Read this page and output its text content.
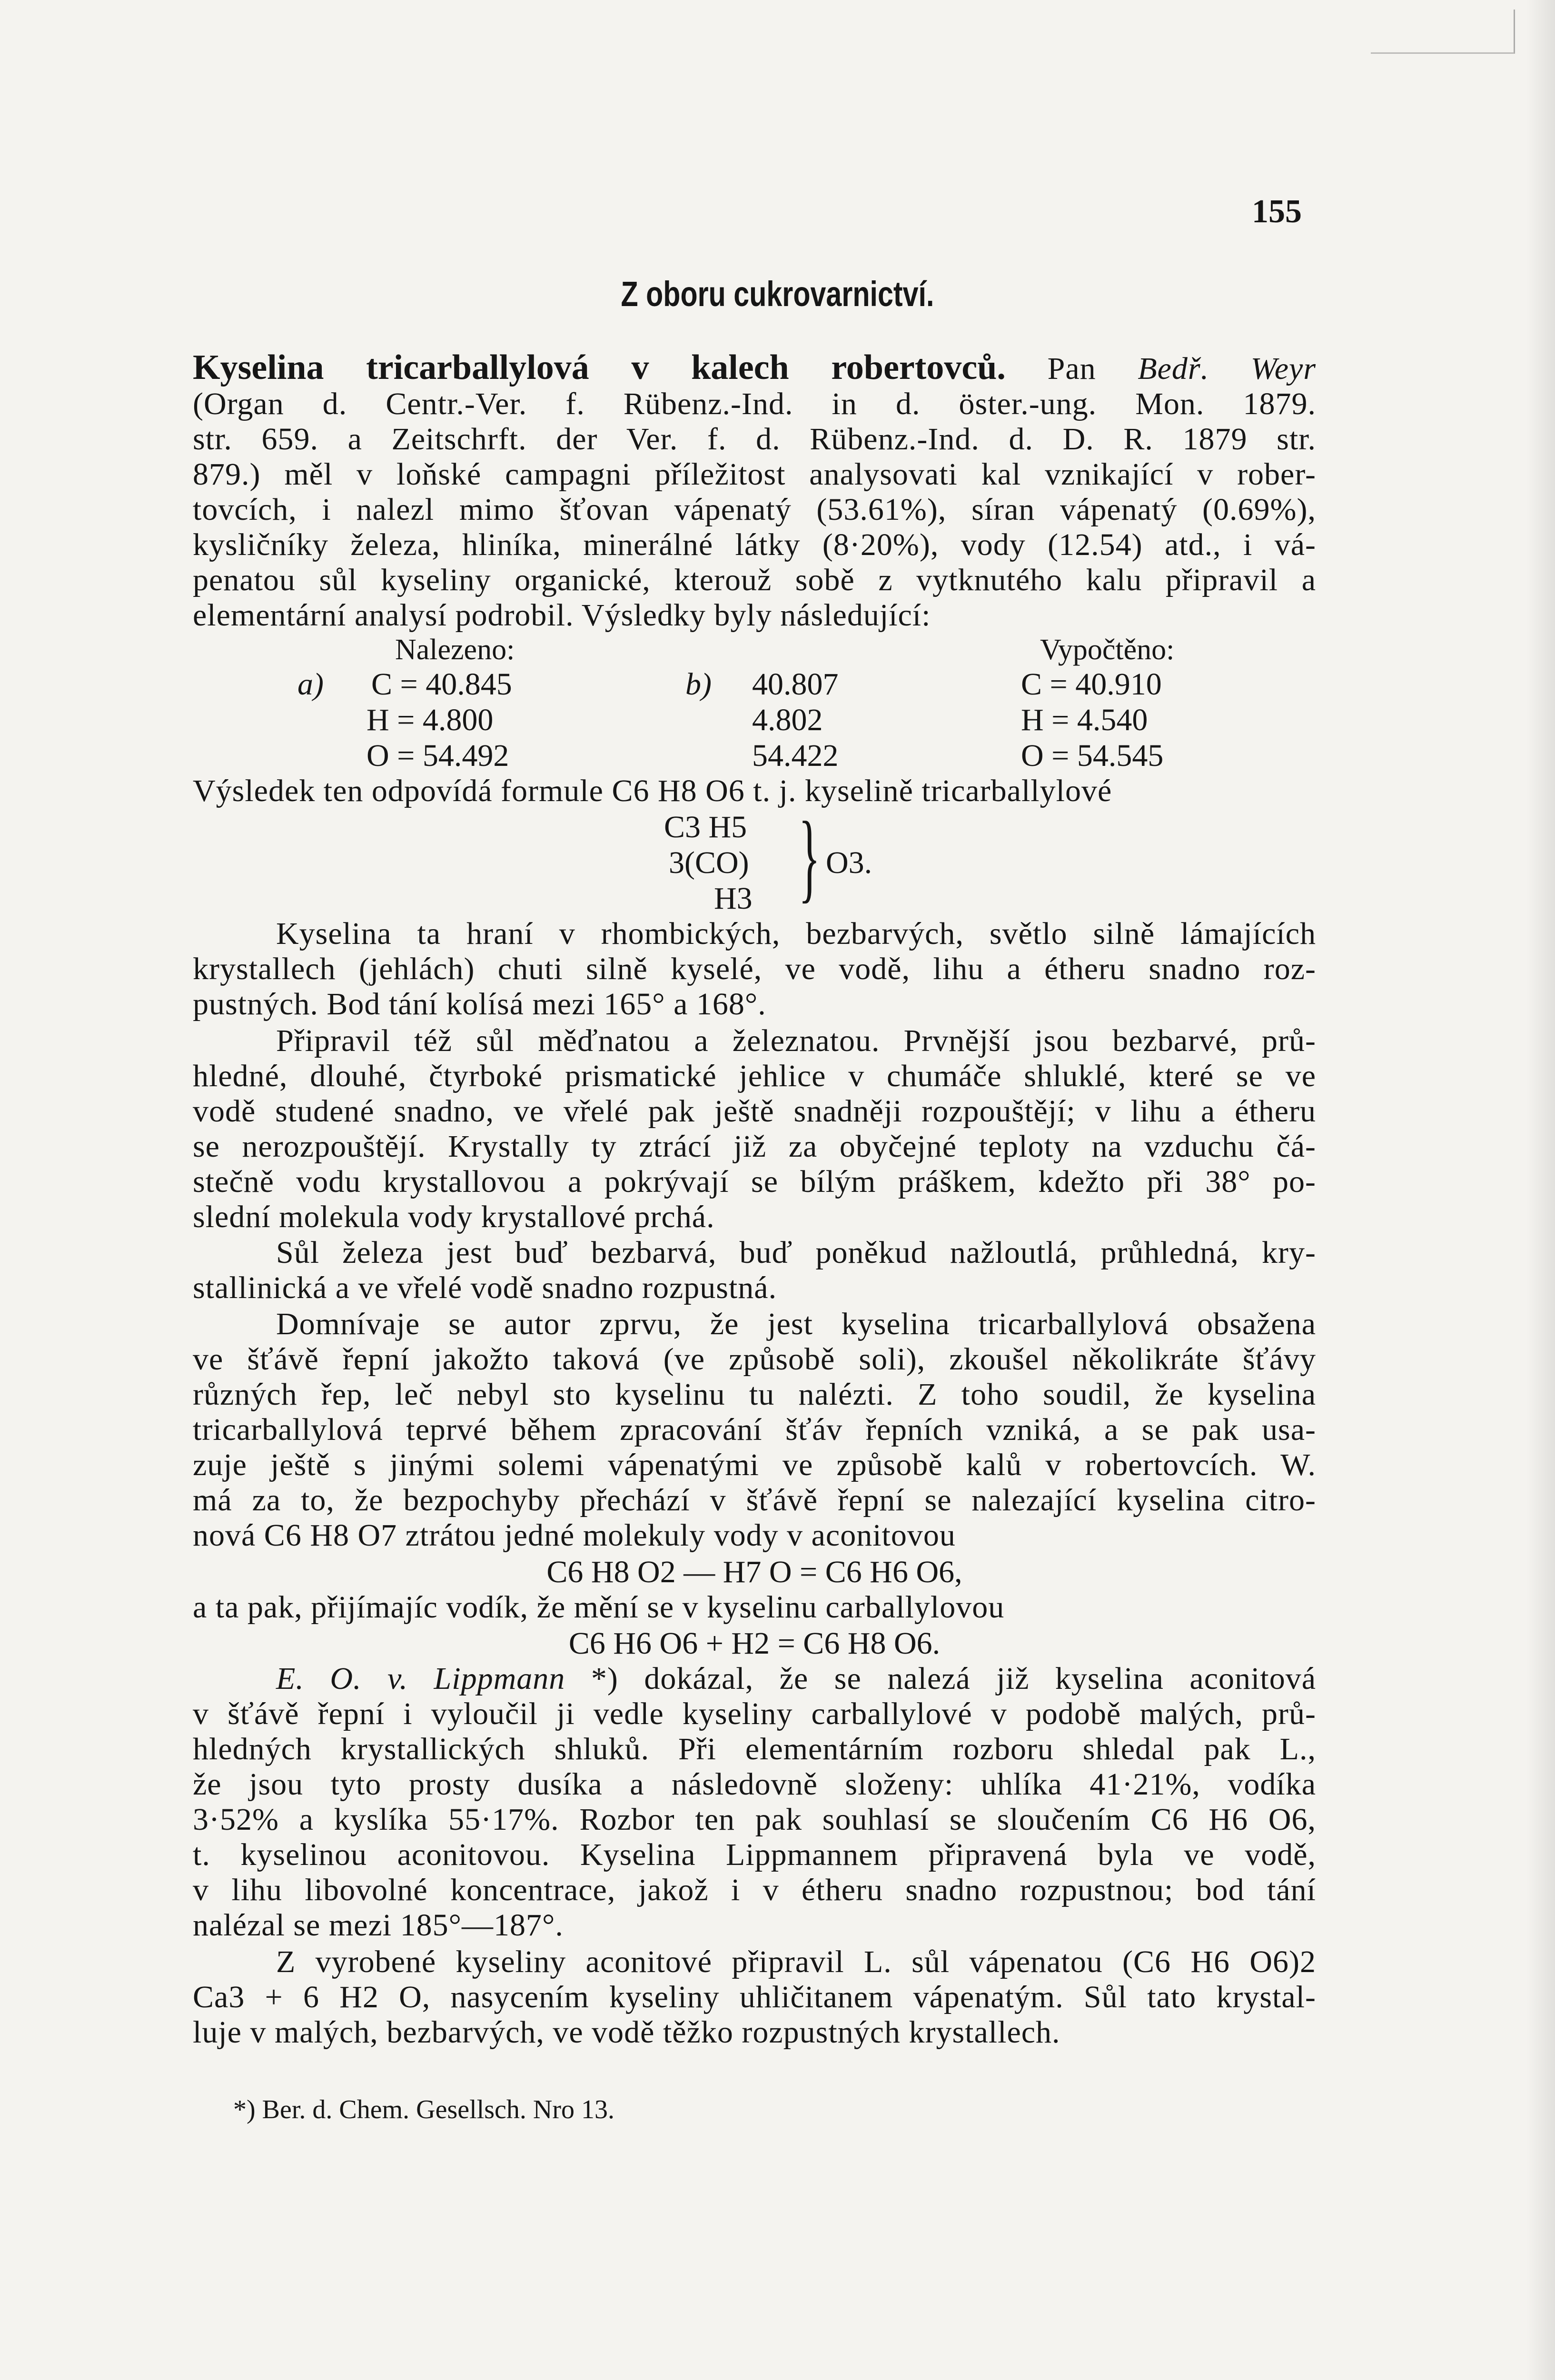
155
Z oboru cukrovarnictví.
Kyselina tricarballylová v kalech robertovců. Pan Bedř. Weyr
(Organ d. Centr.-Ver. f. Rübenz.-Ind. in d. öster.-ung. Mon. 1879.
str. 659. a Zeitschrft. der Ver. f. d. Rübenz.-Ind. d. D. R. 1879 str.
879.) měl v loňské campagni příležitost analysovati kal vznikající v rober-
tovcích, i nalezl mimo šťovan vápenatý (53.61%), síran vápenatý (0.69%),
kysličníky železa, hliníka, minerálné látky (8·20%), vody (12.54) atd., i vá-
penatou sůl kyseliny organické, kterouž sobě z vytknutého kalu připravil a
elementární analysí podrobil. Výsledky byly následující:
Nalezeno:	Vypočtěno:
a)	b)
C = 40.845
H = 4.800
O = 54.492
40.807
4.802
54.422
C = 40.910
H = 4.540
O = 54.545
Výsledek ten odpovídá formule C6 H8 O6 t. j. kyselině tricarballylové
C3 H5
3(CO)
H3 } O3.
Kyselina ta hraní v rhombických, bezbarvých, světlo silně lámajících
krystallech (jehlách) chuti silně kyselé, ve vodě, lihu a étheru snadno roz-
pustných. Bod tání kolísá mezi 165° a 168°.
Připravil též sůl měďnatou a železnatou. Prvnější jsou bezbarvé, prů-
hledné, dlouhé, čtyrboké prismatické jehlice v chumáče shluklé, které se ve
vodě studené snadno, ve vřelé pak ještě snadněji rozpouštějí; v lihu a étheru
se nerozpouštějí. Krystally ty ztrácí již za obyčejné teploty na vzduchu čá-
stečně vodu krystallovou a pokrývají se bílým práškem, kdežto při 38° po-
slední molekula vody krystallové prchá.
Sůl železa jest buď bezbarvá, buď poněkud nažloutlá, průhledná, kry-
stallinická a ve vřelé vodě snadno rozpustná.
Domnívaje se autor zprvu, že jest kyselina tricarballylová obsažena
ve šťávě řepní jakožto taková (ve způsobě soli), zkoušel několikráte šťávy
různých řep, leč nebyl sto kyselinu tu nalézti. Z toho soudil, že kyselina
tricarballylová teprvé během zpracování šťáv řepních vzniká, a se pak usa-
zuje ještě s jinými solemi vápenatými ve způsobě kalů v robertovcích. W.
má za to, že bezpochyby přechází v šťávě řepní se nalezající kyselina citro-
nová C6 H8 O7 ztrátou jedné molekuly vody v aconitovou
C6 H8 O2 — H7 O = C6 H6 O6,
a ta pak, přijímajíc vodík, že mění se v kyselinu carballylovou
C6 H6 O6 + H2 = C6 H8 O6.
E. O. v. Lippmann *) dokázal, že se nalezá již kyselina aconitová
v šťávě řepní i vyloučil ji vedle kyseliny carballylové v podobě malých, prů-
hledných krystallických shluků. Při elementárním rozboru shledal pak L.,
že jsou tyto prosty dusíka a následovně složeny: uhlíka 41·21%, vodíka
3·52% a kyslíka 55·17%. Rozbor ten pak souhlasí se sloučením C6 H6 O6,
t. kyselinou aconitovou. Kyselina Lippmannem připravená byla ve vodě,
v lihu libovolné koncentrace, jakož i v étheru snadno rozpustnou; bod tání
nalézal se mezi 185°—187°.
Z vyrobené kyseliny aconitové připravil L. sůl vápenatou (C6 H6 O6)2
Ca3 + 6 H2 O, nasycením kyseliny uhličitanem vápenatým. Sůl tato krystal-
luje v malých, bezbarvých, ve vodě těžko rozpustných krystallech.
*) Ber. d. Chem. Gesellsch. Nro 13.
